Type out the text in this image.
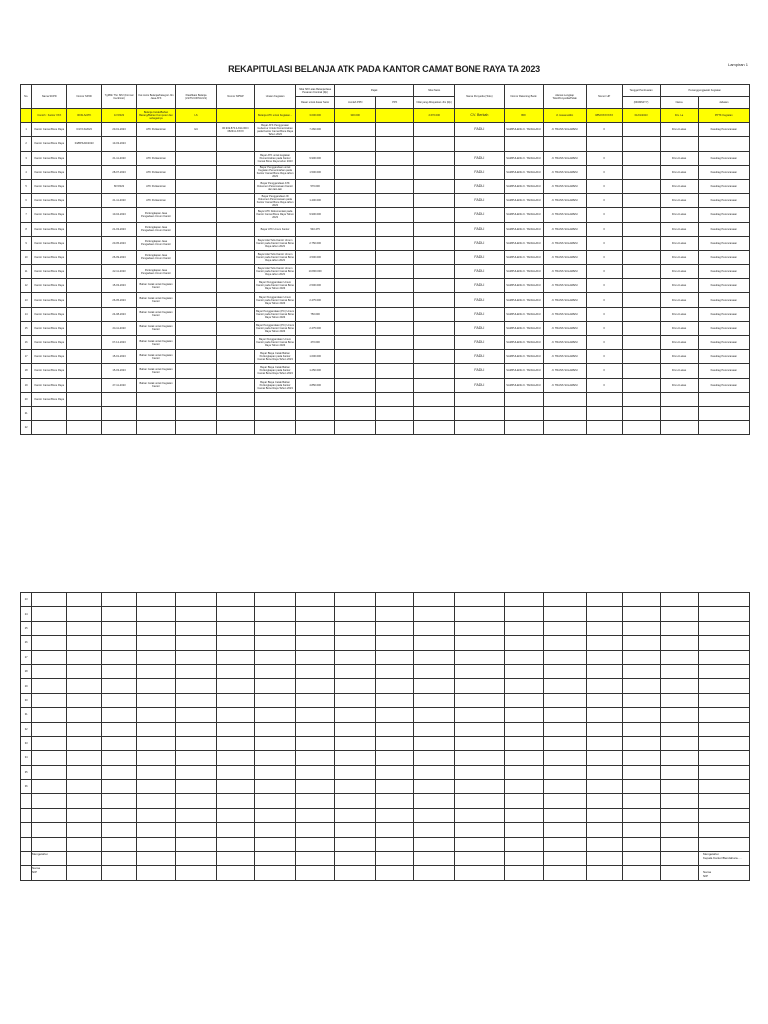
Lampiran 1
REKAPITULASI BELANJA ATK PADA KANTOR CAMAT BONE RAYA TA 2023
No.	Nama SKPD	Nomor SP2D	Tgl/Bln Thn SP2 (Formal Ceck/List)	Kat Jenis Belanja/Kategori Jlm Jasa ATK	Klasifikasi Belanja (LS/TU/UP/GU/LS)	Nomor NPWP	Uraian Kegiatan	Nilai SP2 atas Belanja/Jasa Pesanan Kontrak (Rp)	Pajak		Nilai Netto	Nama Penyedia (Toko)	Nomor Rekening Bank	Alamat Lengkap Toko/Penyedia/Pelak	Nomor HP	Tanggal Pembuatan	Penanggungjawab Kegiatan	
								Dasar untuk dasar Setor	Jumlah PPN	PPh	Nilai yang dibayarkan Jlm (Rp)					(DD/MM/YY)	Nama	Jabatan
	Contoh : Kantor XXX	00/KLS/ATK	1/7/2023	Belanja Cetak/Bahan Barang/Bahan Komputer dan sebagainya	LS		Belanja ATK untuk Kegiatan...	3.000.000	330.000		2.670.000	CV. Berkah	BRI	Jl. Hasanuddin	0852XXXXXXX	01/01/2023	Drs. La	PPTK Kegiatan
1	Kantor Camat Bone Raya	0/17/LS/2023	20-01-2023	ATK Perkantoran	GU	00.919.870.4-814.000 / 082311-XXXX	Bayar ATK Penggunaan Gubernur Untuk Pemerintahan pada Kantor Camat Bone Raya Tahun 2023	7.260.000				FADLI	SAMPULENG K. TANGGAKU	Jl. TRANS SULAWESI	0		Drs.H.Lukas	Kasubag Perencanaan
2	Kantor Camat Bone Raya	04/BPKAD/2023	13-03-2023															
3	Kantor Camat Bone Raya		21-11-2023	ATK Perkantoran			Bayar ATK untuk kegiatan Pemerintahan pada Kantor Camat Bone Raya tahun 2023	9.900.000				FADLI	SAMPULENG K. TANGGAKU	Jl. TRANS SULAWESI	0		Drs.H.Lukas	Kasubag Perencanaan
4	Kantor Camat Bone Raya		28-07-2023	ATK Perkantoran			Bayar Penggandaan untuk Kegiatan Pemerintahan pada Kantor Camat Bone Raya tahun 2023	1.500.000				FADLI	SAMPULENG K. TANGGAKU	Jl. TRANS SULAWESI	0		Drs.H.Lukas	Kasubag Perencanaan
5	Kantor Camat Bone Raya		8/7/2023	ATK Perkantoran			Bayar Penggandaan ATK Dokumen Perencanaan Kantor dan lain-lain	576.000				FADLI	SAMPULENG K. TANGGAKU	Jl. TRANS SULAWESI	0		Drs.H.Lukas	Kasubag Perencanaan
6	Kantor Camat Bone Raya		21-11-2023	ATK Perkantoran			Bayar Penggandaan ID Dokumen Perencanaan pada Kantor Camat Bone Raya tahun 2023	1.400.000				FADLI	SAMPULENG K. TANGGAKU	Jl. TRANS SULAWESI	0		Drs.H.Lukas	Kasubag Perencanaan
7	Kantor Camat Bone Raya		10-04-2023	Perlengkapan Jasa Pengadaan Umum Kantor			Bayar ATK Dokumentasi pada Kantor Camat Bone Raya Tahun 2023	9.900.000				FADLI	SAMPULENG K. TANGGAKU	Jl. TRANS SULAWESI	0		Drs.H.Lukas	Kasubag Perencanaan
8	Kantor Camat Bone Raya		21-03-2023	Perlengkapan Jasa Pengadaan Umum Kantor			Bayar ATK Umum Kantor	540.475				FADLI	SAMPULENG K. TANGGAKU	Jl. TRANS SULAWESI	0		Drs.H.Lukas	Kasubag Perencanaan
9	Kantor Camat Bone Raya		20-05-2023	Perlengkapan Jasa Pengadaan Umum Kantor			Bayar Alat Tulis Kantor Umum Kantor pada Kantor Camat Bone Raya tahun 2023	2.750.000				FADLI	SAMPULENG K. TANGGAKU	Jl. TRANS SULAWESI	0		Drs.H.Lukas	Kasubag Perencanaan
10	Kantor Camat Bone Raya		26-09-2023	Perlengkapan Jasa Pengadaan Umum Kantor			Bayar Alat Tulis Kantor Umum Kantor pada Kantor Camat Bone Raya tahun 2023	4.500.000				FADLI	SAMPULENG K. TANGGAKU	Jl. TRANS SULAWESI	0		Drs.H.Lukas	Kasubag Perencanaan
11	Kantor Camat Bone Raya		22-11-2023	Perlengkapan Jasa Pengadaan Umum Kantor			Bayar Alat Tulis Kantor Umum Kantor pada Kantor Camat Bone Raya tahun 2023	10.800.000				FADLI	SAMPULENG K. TANGGAKU	Jl. TRANS SULAWESI	0		Drs.H.Lukas	Kasubag Perencanaan
12	Kantor Camat Bone Raya		15-03-2023	Bahan Cetak untuk Kegiatan Kantor			Bayar Penggandaan Umum Kantor pada Kantor Camat Bone Raya Tahun 2023	2.500.000				FADLI	SAMPULENG K. TANGGAKU	Jl. TRANS SULAWESI	0		Drs.H.Lukas	Kasubag Perencanaan
13	Kantor Camat Bone Raya		26-05-2023	Bahan Cetak untuk Kegiatan Kantor			Bayar Penggandaan Umum Kantor pada Kantor Camat Bone Raya Tahun 2023	2.475.000				FADLI	SAMPULENG K. TANGGAKU	Jl. TRANS SULAWESI	0		Drs.H.Lukas	Kasubag Perencanaan
14	Kantor Camat Bone Raya		24-08-2023	Bahan Cetak untuk Kegiatan Kantor			Bayar Penggandaan (PC) Umum Kantor pada Kantor Camat Bone Raya Tahun 2023	750.000				FADLI	SAMPULENG K. TANGGAKU	Jl. TRANS SULAWESI	0		Drs.H.Lukas	Kasubag Perencanaan
15	Kantor Camat Bone Raya		24-11-2023	Bahan Cetak untuk Kegiatan Kantor			Bayar Penggandaan (PC) Umum Kantor pada Kantor Camat Bone Raya Tahun 2023	2.475.000				FADLI	SAMPULENG K. TANGGAKU	Jl. TRANS SULAWESI	0		Drs.H.Lukas	Kasubag Perencanaan
16	Kantor Camat Bone Raya		07-12-2023	Bahan Cetak untuk Kegiatan Kantor			Bayar Penggandaan Umum Kantor pada Kantor Camat Bone Raya Tahun 2023	470.000				FADLI	SAMPULENG K. TANGGAKU	Jl. TRANS SULAWESI	0		Drs.H.Lukas	Kasubag Perencanaan
17	Kantor Camat Bone Raya		15-01-2023	Bahan Cetak untuk Kegiatan Kantor			Bayar Biaya Cetak Bahan Perlengkapan pada Kantor Camat Bone Raya Tahun 2023	1.600.000				FADLI	SAMPULENG K. TANGGAKU	Jl. TRANS SULAWESI	0		Drs.H.Lukas	Kasubag Perencanaan
18	Kantor Camat Bone Raya		15-03-2023	Bahan Cetak untuk Kegiatan Kantor			Bayar Biaya Cetak Bahan Perlengkapan pada Kantor Camat Bone Raya Tahun 2023	1.250.000				FADLI	SAMPULENG K. TANGGAKU	Jl. TRANS SULAWESI	0		Drs.H.Lukas	Kasubag Perencanaan
19	Kantor Camat Bone Raya		27-11-2023	Bahan Cetak untuk Kegiatan Kantor			Bayar Biaya Cetak Bahan Perlengkapan pada Kantor Camat Bone Raya Tahun 2023	4.850.000				FADLI	SAMPULENG K. TANGGAKU	Jl. TRANS SULAWESI	0		Drs.H.Lukas	Kasubag Perencanaan
20	Kantor Camat Bone Raya																	
21																		
22																		
23																		
24																		
25																		
26																		
27																		
28																		
29																		
30																		
31																		
32																		
33																		
34																		
35																		
36																		

Mengetahui
Nama
NIP
Mengetahui
Kepala Kantor/Bendahara.....
Nama
NIP
